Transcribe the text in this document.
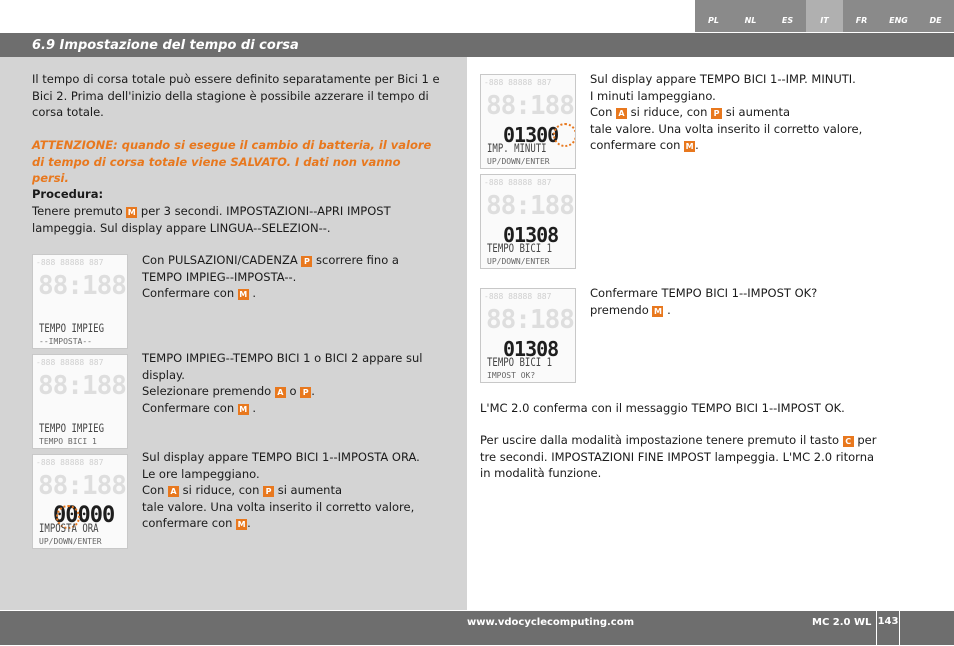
PL	NL	ES	IT	FR	ENG	DE
6.9 Impostazione del tempo di corsa
Il tempo di corsa totale può essere definito separatamente per Bici 1 e Bici 2. Prima dell'inizio della stagione è possibile azzerare il tempo di corsa totale.
ATTENZIONE: quando si esegue il cambio di batteria, il valore di tempo di corsa totale viene SALVATO. I dati non vanno persi.
Procedura:
Tenere premuto M per 3 secondi. IMPOSTAZIONI--APRI IMPOST lampeggia. Sul display appare LINGUA--SELEZION--.
-888 88888 887
88:188
TEMPO IMPIEG
--IMPOSTA--
Con PULSAZIONI/CADENZA P scorrere fino a TEMPO IMPIEG--IMPOSTA--.
Confermare con M .
-888 88888 887
88:188
TEMPO IMPIEG
TEMPO BICI 1
TEMPO IMPIEG--TEMPO BICI 1 o BICI 2 appare sul display.
Selezionare premendo A o P .
Confermare con M .
-888 88888 887
88:188
00000
IMPOSTA ORA
UP/DOWN/ENTER
Sul display appare TEMPO BICI 1--IMPOSTA ORA.
Le ore lampeggiano.
Con A si riduce, con P si aumenta
tale valore. Una volta inserito il corretto valore, confermare con M .
-888 88888 887
88:188
01300
IMP. MINUTI
UP/DOWN/ENTER
Sul display appare TEMPO BICI 1--IMP. MINUTI.
I minuti lampeggiano.
Con A si riduce, con P si aumenta
tale valore. Una volta inserito il corretto valore, confermare con M .
-888 88888 887
88:188
01308
TEMPO BICI 1
UP/DOWN/ENTER
-888 88888 887
88:188
01308
TEMPO BICI 1
IMPOST OK?
Confermare TEMPO BICI 1--IMPOST OK?
premendo M .
L'MC 2.0 conferma con il messaggio TEMPO BICI 1--IMPOST OK.
Per uscire dalla modalità impostazione tenere premuto il tasto C per tre secondi. IMPOSTAZIONI FINE IMPOST lampeggia. L'MC 2.0 ritorna in modalità funzione.
www.vdocyclecomputing.com	MC 2.0 WL 143
